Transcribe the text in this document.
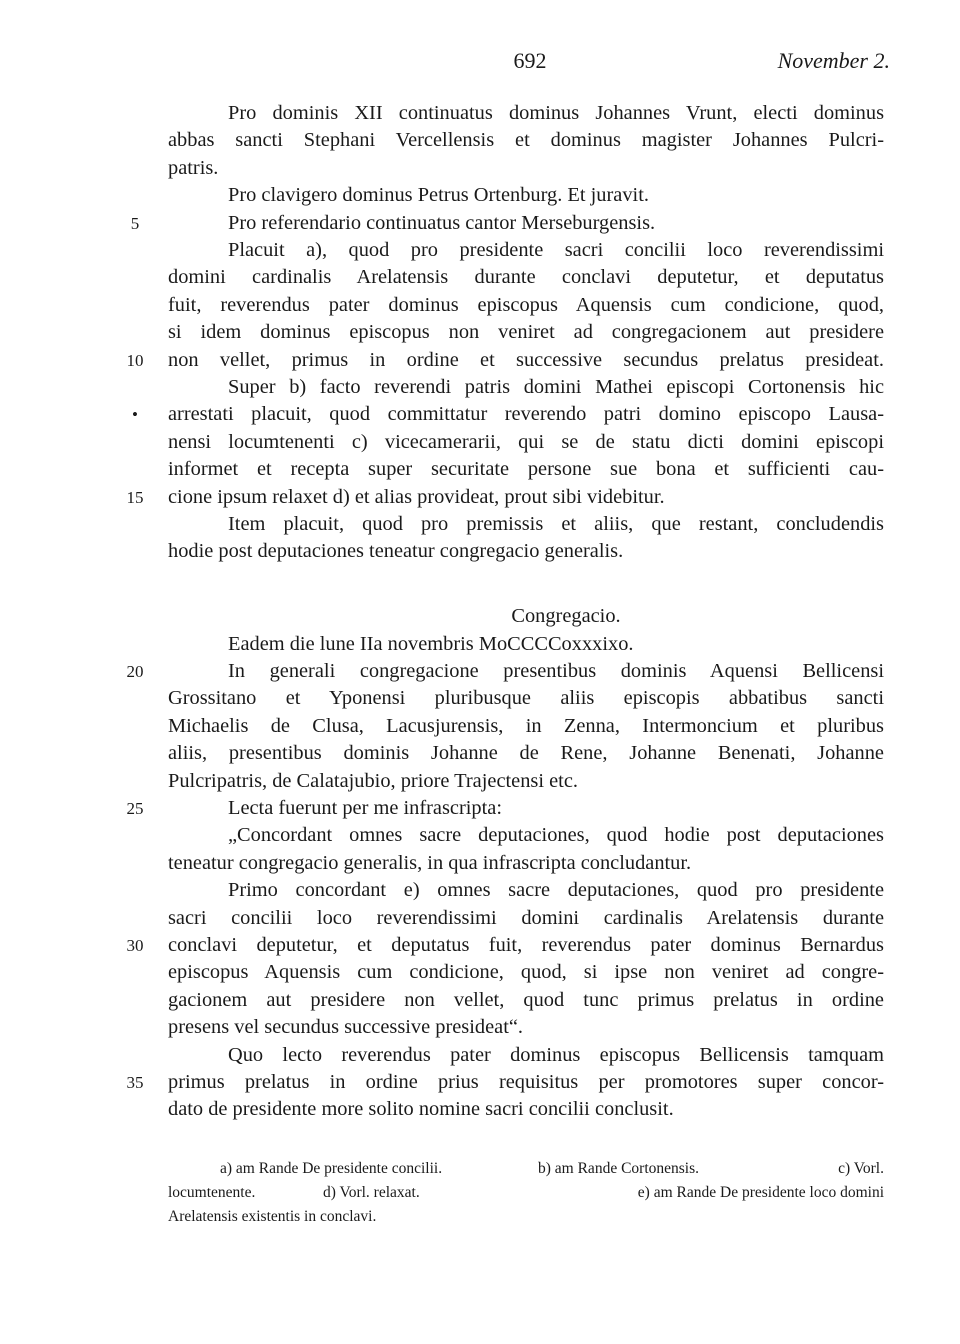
692	November 2.
Pro dominis XII continuatus dominus Johannes Vrunt, electi dominus
abbas sancti Stephani Vercellensis et dominus magister Johannes Pulcri-
patris.
Pro clavigero dominus Petrus Ortenburg. Et juravit.
Pro referendario continuatus cantor Merseburgensis.
Placuit a), quod pro presidente sacri concilii loco reverendissimi
domini cardinalis Arelatensis durante conclavi deputetur, et deputatus
fuit, reverendus pater dominus episcopus Aquensis cum condicione, quod,
si idem dominus episcopus non veniret ad congregacionem aut presidere
non vellet, primus in ordine et successive secundus prelatus presideat.
Super b) facto reverendi patris domini Mathei episcopi Cortonensis hic
arrestati placuit, quod committatur reverendo patri domino episcopo Lausa-
nensi locumtenenti c) vicecamerarii, qui se de statu dicti domini episcopi
informet et recepta super securitate persone sue bona et sufficienti cau-
cione ipsum relaxet d) et alias provideat, prout sibi videbitur.
Item placuit, quod pro premissis et aliis, que restant, concludendis
hodie post deputaciones teneatur congregacio generalis.
Congregacio.
Eadem die lune IIa novembris MoCCCCoxxxixo.
In generali congregacione presentibus dominis Aquensi Bellicensi
Grossitano et Yponensi pluribusque aliis episcopis abbatibus sancti
Michaelis de Clusa, Lacusjurensis, in Zenna, Intermoncium et pluribus
aliis, presentibus dominis Johanne de Rene, Johanne Benenati, Johanne
Pulcripatris, de Calatajubio, priore Trajectensi etc.
Lecta fuerunt per me infrascripta:
„Concordant omnes sacre deputaciones, quod hodie post deputaciones
teneatur congregacio generalis, in qua infrascripta concludantur.
Primo concordant e) omnes sacre deputaciones, quod pro presidente
sacri concilii loco reverendissimi domini cardinalis Arelatensis durante
conclavi deputetur, et deputatus fuit, reverendus pater dominus Bernardus
episcopus Aquensis cum condicione, quod, si ipse non veniret ad congre-
gacionem aut presidere non vellet, quod tunc primus prelatus in ordine
presens vel secundus successive presideat“.
Quo lecto reverendus pater dominus episcopus Bellicensis tamquam
primus prelatus in ordine prius requisitus per promotores super concor-
dato de presidente more solito nomine sacri concilii conclusit.
5
10
•
15
20
25
30
35
a) am Rande De presidente concilii.	b) am Rande Cortonensis.	c) Vorl.
locumtenente.	d) Vorl. relaxat.	e) am Rande De presidente loco domini
Arelatensis existentis in conclavi.
